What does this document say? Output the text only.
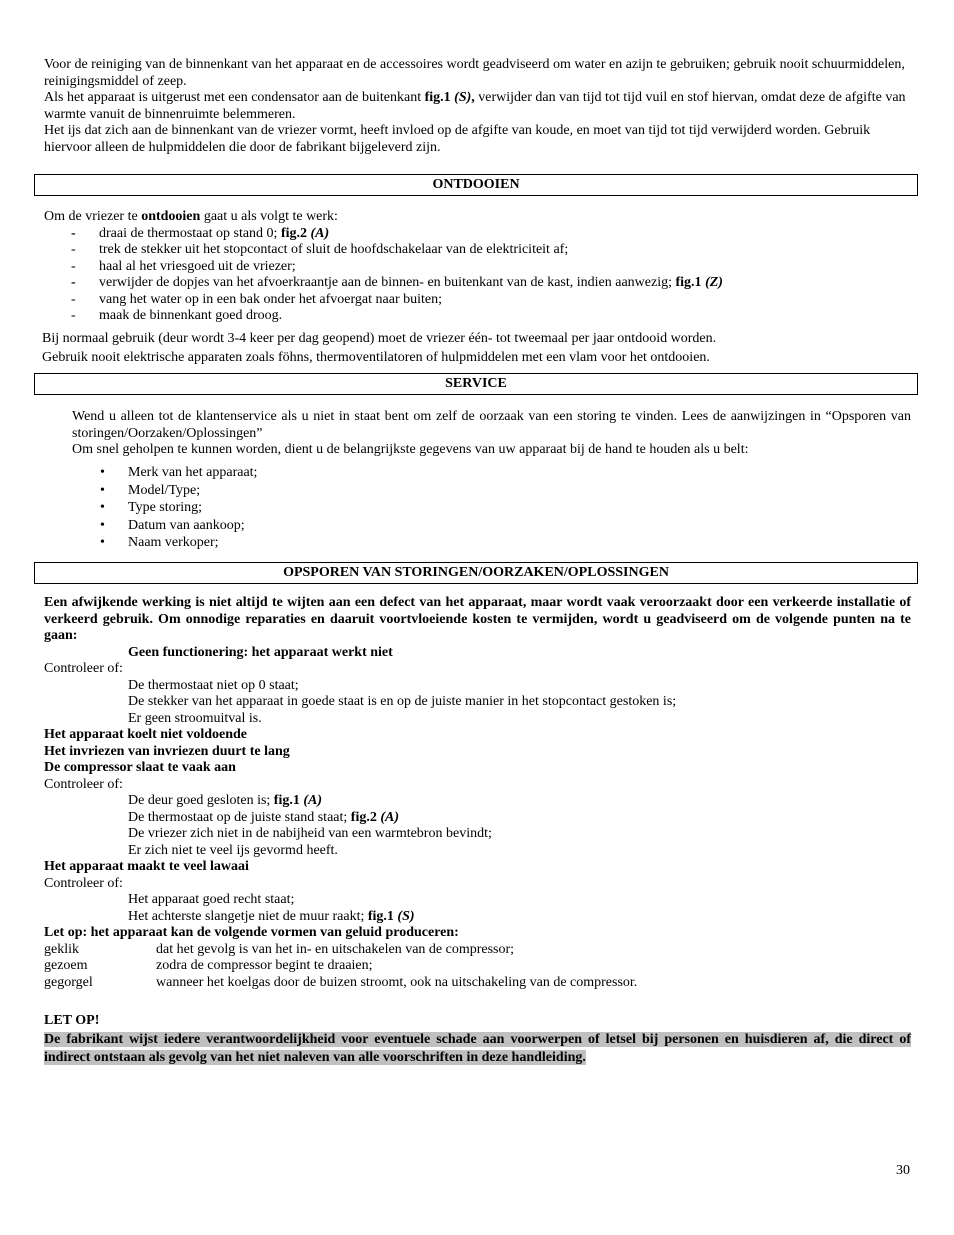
Voor de reiniging van de binnenkant van het apparaat en de accessoires wordt geadviseerd om water en azijn te gebruiken; gebruik nooit schuurmiddelen, reinigingsmiddel of zeep.

Als het apparaat is uitgerust met een condensator aan de buitenkant fig.1 (S), verwijder dan van tijd tot tijd vuil en stof hiervan, omdat deze de afgifte van warmte vanuit de binnenruimte belemmeren.

Het ijs dat zich aan de binnenkant van de vriezer vormt, heeft invloed op de afgifte van koude, en moet van tijd tot tijd verwijderd worden. Gebruik hiervoor alleen de hulpmiddelen die door de fabrikant bijgeleverd zijn.

ONTDOOIEN

Om de vriezer te ontdooien gaat u als volgt te werk:

- draai de thermostaat op stand 0; fig.2 (A)
- trek de stekker uit het stopcontact of sluit de hoofdschakelaar van de elektriciteit af;
- haal al het vriesgoed uit de vriezer;
- verwijder de dopjes van het afvoerkraantje aan de binnen- en buitenkant van de kast, indien aanwezig; fig.1 (Z)
- vang het water op in een bak onder het afvoergat naar buiten;
- maak de binnenkant goed droog.

Bij normaal gebruik (deur wordt 3-4 keer per dag geopend) moet de vriezer één- tot tweemaal per jaar ontdooid worden.

Gebruik nooit elektrische apparaten zoals föhns, thermoventilatoren of hulpmiddelen met een vlam voor het ontdooien.

SERVICE

Wend u alleen tot de klantenservice als u niet in staat bent om zelf de oorzaak van een storing te vinden. Lees de aanwijzingen in “Opsporen van storingen/Oorzaken/Oplossingen”

Om snel geholpen te kunnen worden, dient u de belangrijkste gegevens van uw apparaat bij de hand te houden als u belt:

• Merk van het apparaat;
• Model/Type;
• Type storing;
• Datum van aankoop;
• Naam verkoper;
OPSPOREN VAN STORINGEN/OORZAKEN/OPLOSSINGEN

Een afwijkende werking is niet altijd te wijten aan een defect van het apparaat, maar wordt vaak veroorzaakt door een verkeerde installatie of verkeerd gebruik. Om onnodige reparaties en daaruit voortvloeiende kosten te vermijden, wordt u geadviseerd om de volgende punten na te gaan:

Geen functionering: het apparaat werkt niet

Controleer of:

De thermostaat niet op 0 staat;

De stekker van het apparaat in goede staat is en op de juiste manier in het stopcontact gestoken is;

Er geen stroomuitval is.

Het apparaat koelt niet voldoende

Het invriezen van invriezen duurt te lang

De compressor slaat te vaak aan

Controleer of:

De deur goed gesloten is; fig.1 (A)

De thermostaat op de juiste stand staat; fig.2 (A)

De vriezer zich niet in de nabijheid van een warmtebron bevindt;

Er zich niet te veel ijs gevormd heeft.

Het apparaat maakt te veel lawaai

Controleer of:

Het apparaat goed recht staat;

Het achterste slangetje niet de muur raakt; fig.1 (S)

Let op: het apparaat kan de volgende vormen van geluid produceren:

geklik	dat het gevolg is van het in- en uitschakelen van de compressor;
gezoem	zodra de compressor begint te draaien;
gegorgel	wanneer het koelgas door de buizen stroomt, ook na uitschakeling van de compressor.

LET OP!

De fabrikant wijst iedere verantwoordelijkheid voor eventuele schade aan voorwerpen of letsel bij personen en huisdieren af, die direct of indirect ontstaan als gevolg van het niet naleven van alle voorschriften in deze handleiding.

30
